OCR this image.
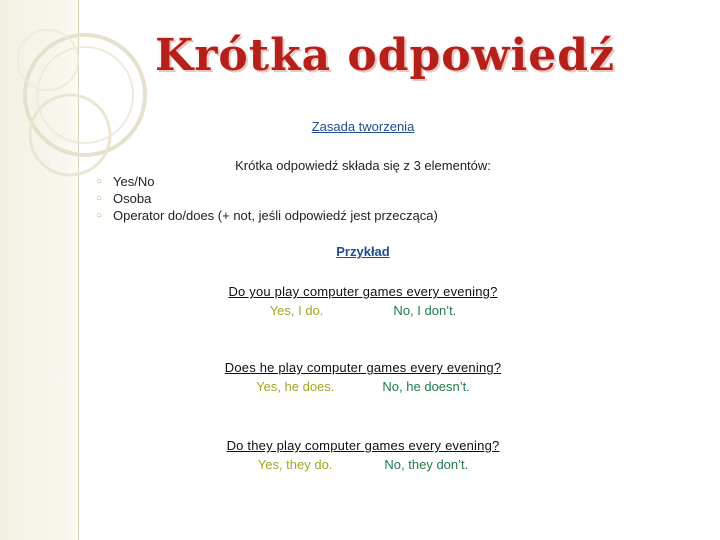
Krótka odpowiedź
Zasada tworzenia
Krótka odpowiedź składa się z 3 elementów:
○ Yes/No
○ Osoba
○ Operator do/does (+ not, jeśli odpowiedź jest przecząca)
Przykład
Do you play computer games every evening?
Yes, I do.	No, I don’t.
Does he play computer games every evening?
Yes, he does.	No, he doesn’t.
Do they play computer games every evening?
Yes, they do.	No, they don’t.
